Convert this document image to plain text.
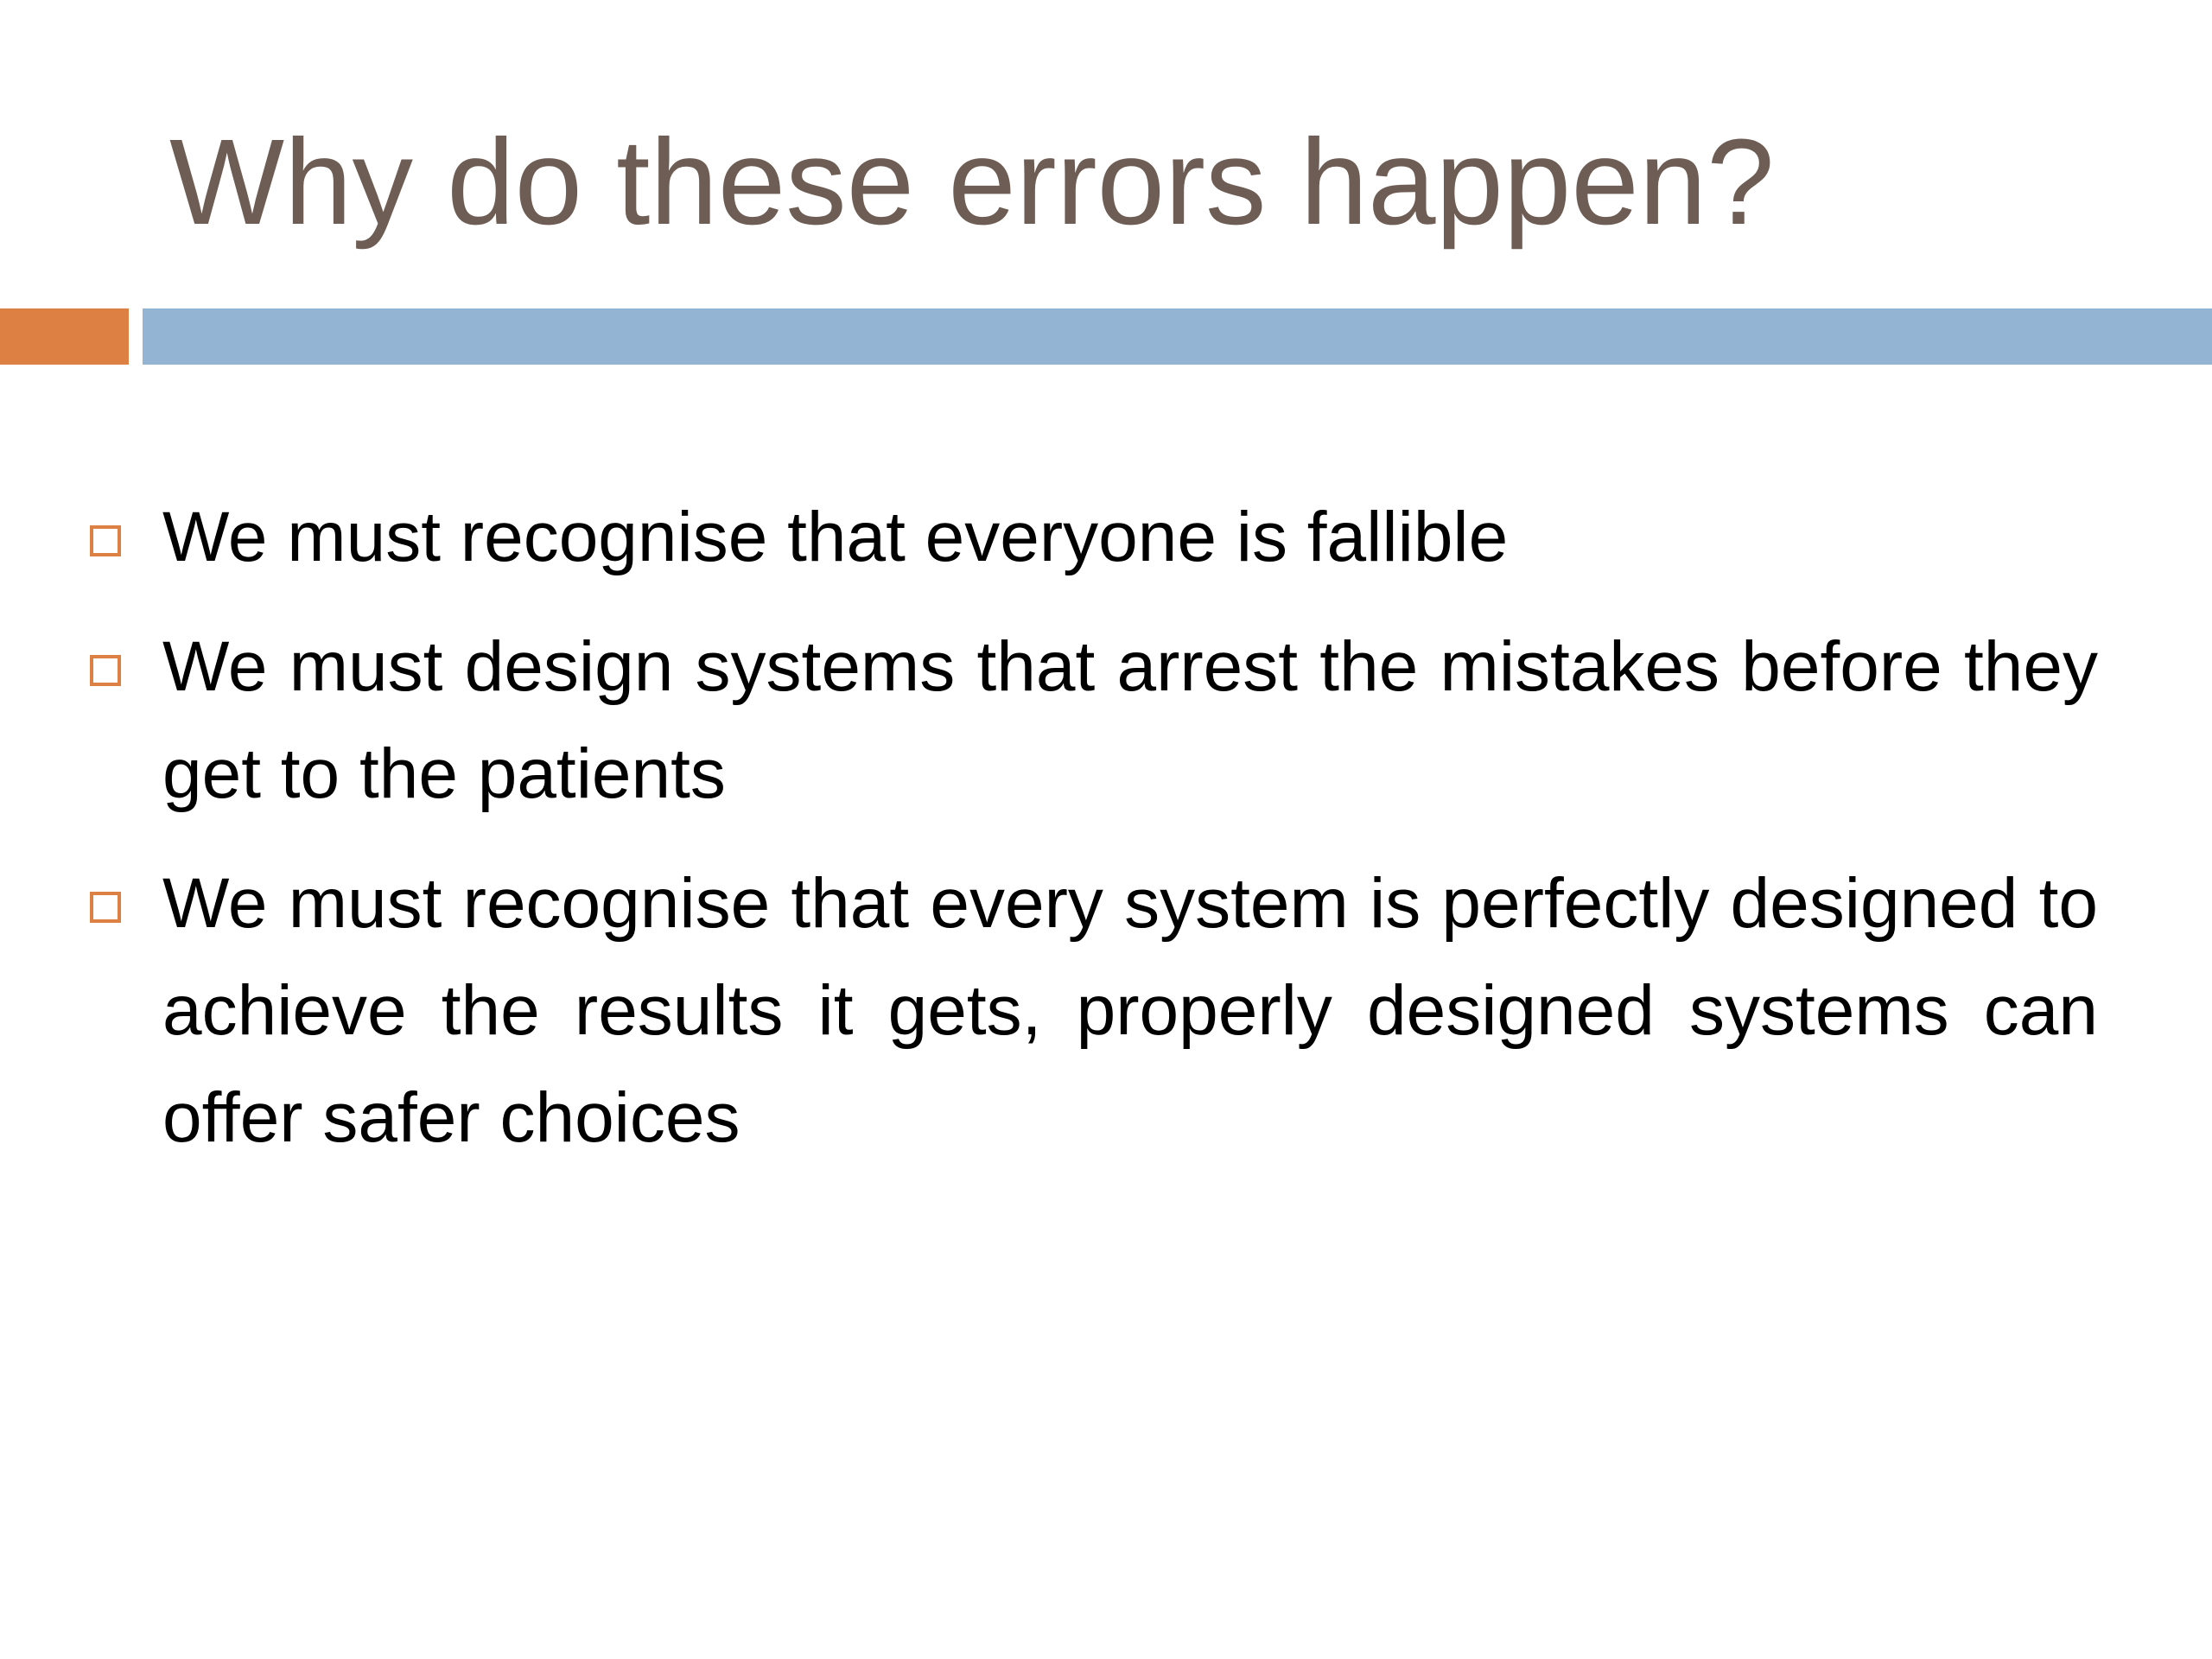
Why do these errors happen?
We must recognise that everyone is fallible
We must design systems that arrest the mistakes before they get to the patients
We must recognise that every system is perfectly designed to achieve the results it gets, properly designed systems can offer safer choices
